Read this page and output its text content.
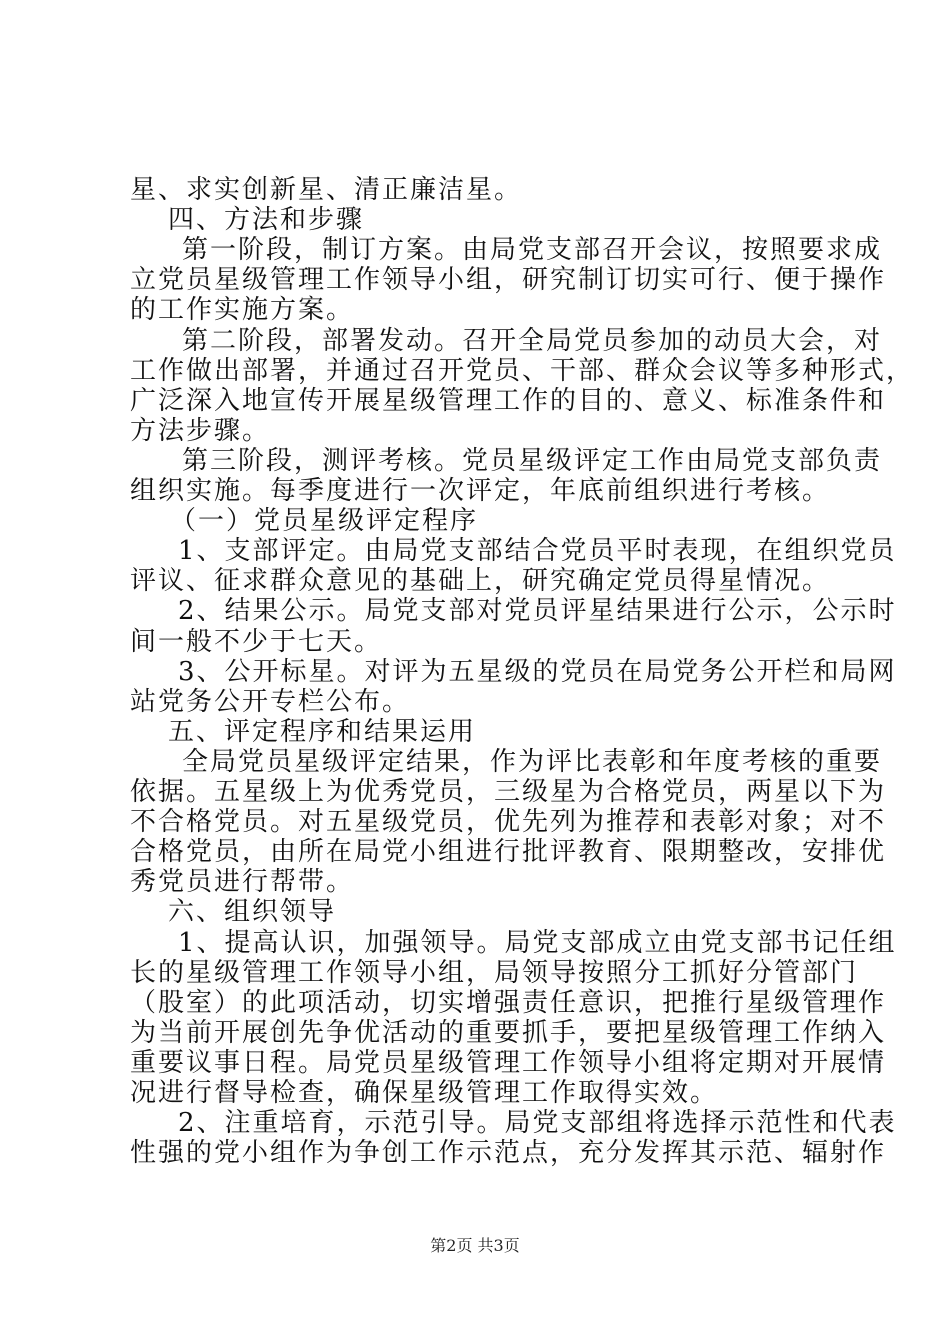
星、求实创新星、清正廉洁星。
四、方法和步骤
第一阶段，制订方案。由局党支部召开会议，按照要求成
立党员星级管理工作领导小组，研究制订切实可行、便于操作
的工作实施方案。
第二阶段，部署发动。召开全局党员参加的动员大会，对
工作做出部署，并通过召开党员、干部、群众会议等多种形式，
广泛深入地宣传开展星级管理工作的目的、意义、标准条件和
方法步骤。
第三阶段，测评考核。党员星级评定工作由局党支部负责
组织实施。每季度进行一次评定，年底前组织进行考核。
（一）党员星级评定程序
1、支部评定。由局党支部结合党员平时表现，在组织党员
评议、征求群众意见的基础上，研究确定党员得星情况。
2、结果公示。局党支部对党员评星结果进行公示，公示时
间一般不少于七天。
3、公开标星。对评为五星级的党员在局党务公开栏和局网
站党务公开专栏公布。
五、评定程序和结果运用
全局党员星级评定结果，作为评比表彰和年度考核的重要
依据。五星级上为优秀党员，三级星为合格党员，两星以下为
不合格党员。对五星级党员，优先列为推荐和表彰对象；对不
合格党员，由所在局党小组进行批评教育、限期整改，安排优
秀党员进行帮带。
六、组织领导
1、提高认识，加强领导。局党支部成立由党支部书记任组
长的星级管理工作领导小组，局领导按照分工抓好分管部门
（股室）的此项活动，切实增强责任意识，把推行星级管理作
为当前开展创先争优活动的重要抓手，要把星级管理工作纳入
重要议事日程。局党员星级管理工作领导小组将定期对开展情
况进行督导检查，确保星级管理工作取得实效。
2、注重培育，示范引导。局党支部组将选择示范性和代表
性强的党小组作为争创工作示范点，充分发挥其示范、辐射作
第2页 共3页
